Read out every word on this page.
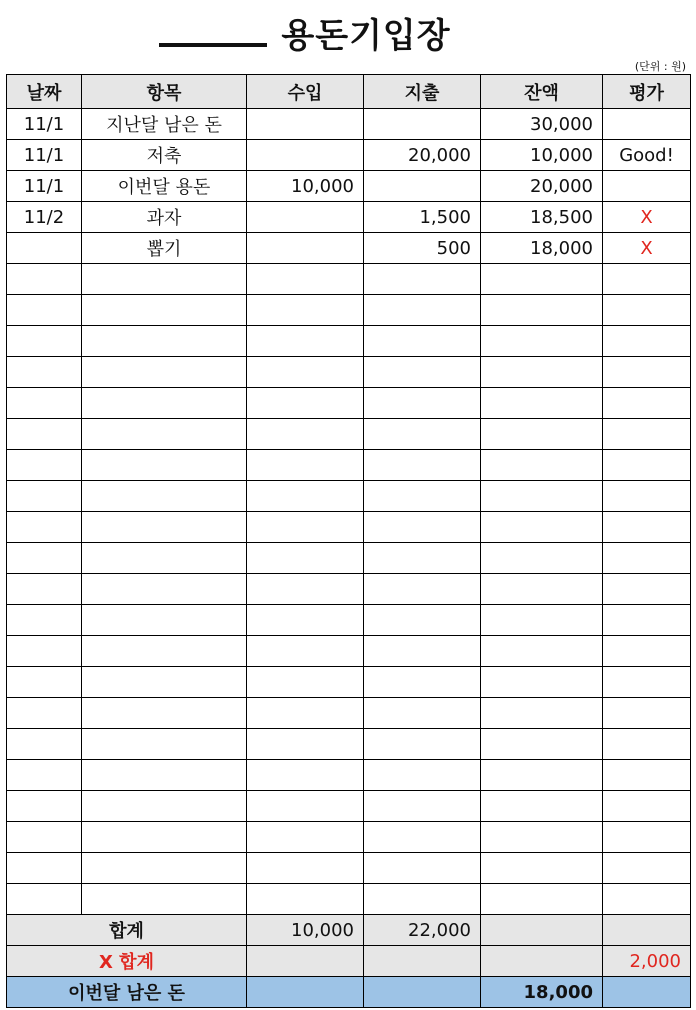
용돈기입장
(단위 : 원)
날짜	항목	수입	지출	잔액	평가
11/1	지난달 남은 돈			30,000	
11/1	저축		20,000	10,000	Good!
11/1	이번달 용돈	10,000		20,000	
11/2	과자		1,500	18,500	X
	뽑기		500	18,000	X

합계		10,000	22,000		
X 합계					2,000
이번달 남은 돈				18,000	
